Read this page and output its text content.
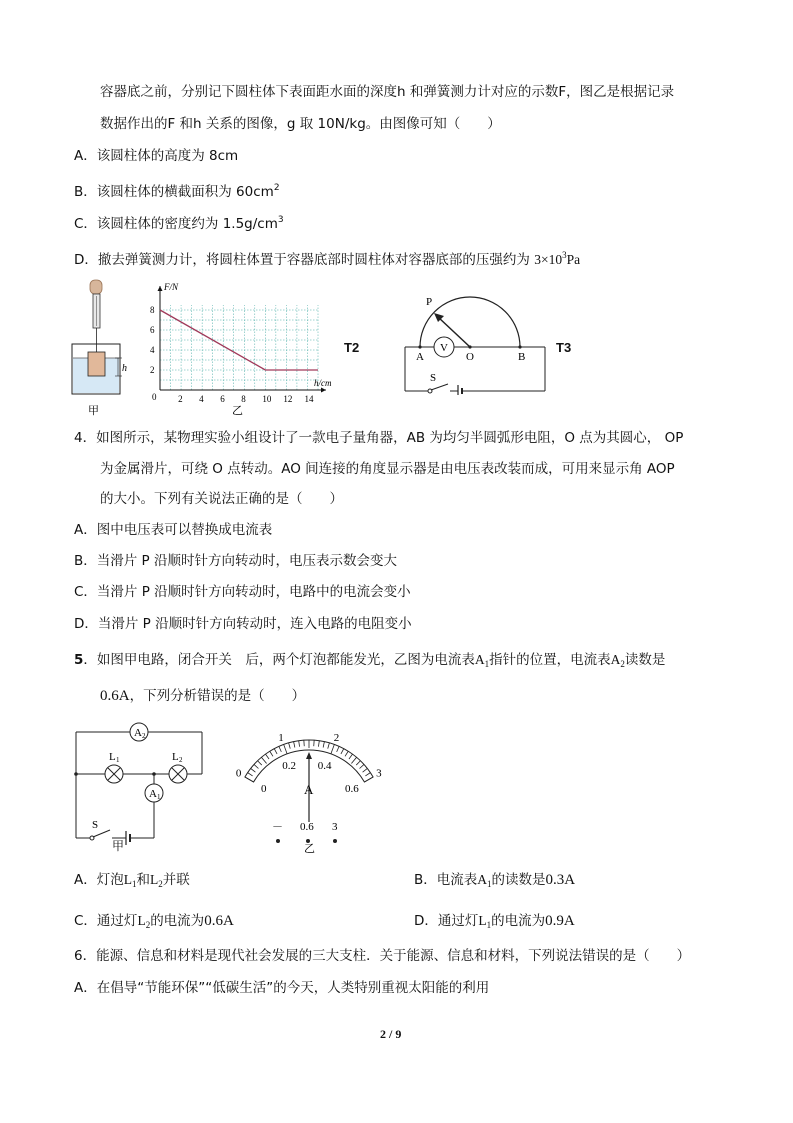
容器底之前，分别记下圆柱体下表面距水面的深度h 和弹簧测力计对应的示数F，图乙是根据记录
数据作出的F 和h 关系的图像，g 取 10N/kg。由图像可知（　　）
A．该圆柱体的高度为 8cm
B．该圆柱体的横截面积为 $60cm^2$
C．该圆柱体的密度约为 $1.5g/cm^3$
D．撤去弹簧测力计，将圆柱体置于容器底部时圆柱体对容器底部的压强约为 $3\times 10^3Pa$
h
甲
2 4 6 8 10 12 14
2
4
6
8
0
F/N
h/cm
乙
T2	V
P
A	O	B
S
T3
4．如图所示，某物理实验小组设计了一款电子量角器，AB 为均匀半圆弧形电阻，O 点为其圆心， OP
为金属滑片，可绕 O 点转动。AO 间连接的角度显示器是由电压表改装而成，可用来显示角 AOP
的大小。下列有关说法正确的是（　　）
A．图中电压表可以替换成电流表
B．当滑片 P 沿顺时针方向转动时，电压表示数会变大
C．当滑片 P 沿顺时针方向转动时，电路中的电流会变小
D．当滑片 P 沿顺时针方向转动时，连入电路的电阻变小
5．如图甲电路，闭合开关　后，两个灯泡都能发光，乙图为电流表$A_1$指针的位置，电流表$A_2$读数是
0.6A，下列分析错误的是（　　）
A 2
L 1	L 2
A 1
S
甲
0
1	2
3
0
0.2 0.4
0.6
A
－ 0.6 3
乙
A．灯泡$L_1$和$L_2$并联	B．电流表$A_1$的读数是0.3A
C．通过灯$L_2$的电流为0.6A	D．通过灯$L_1$的电流为0.9A
6．能源、信息和材料是现代社会发展的三大支柱．关于能源、信息和材料，下列说法错误的是（　　）
A．在倡导“节能环保”“低碳生活”的今天，人类特别重视太阳能的利用
2 / 9
